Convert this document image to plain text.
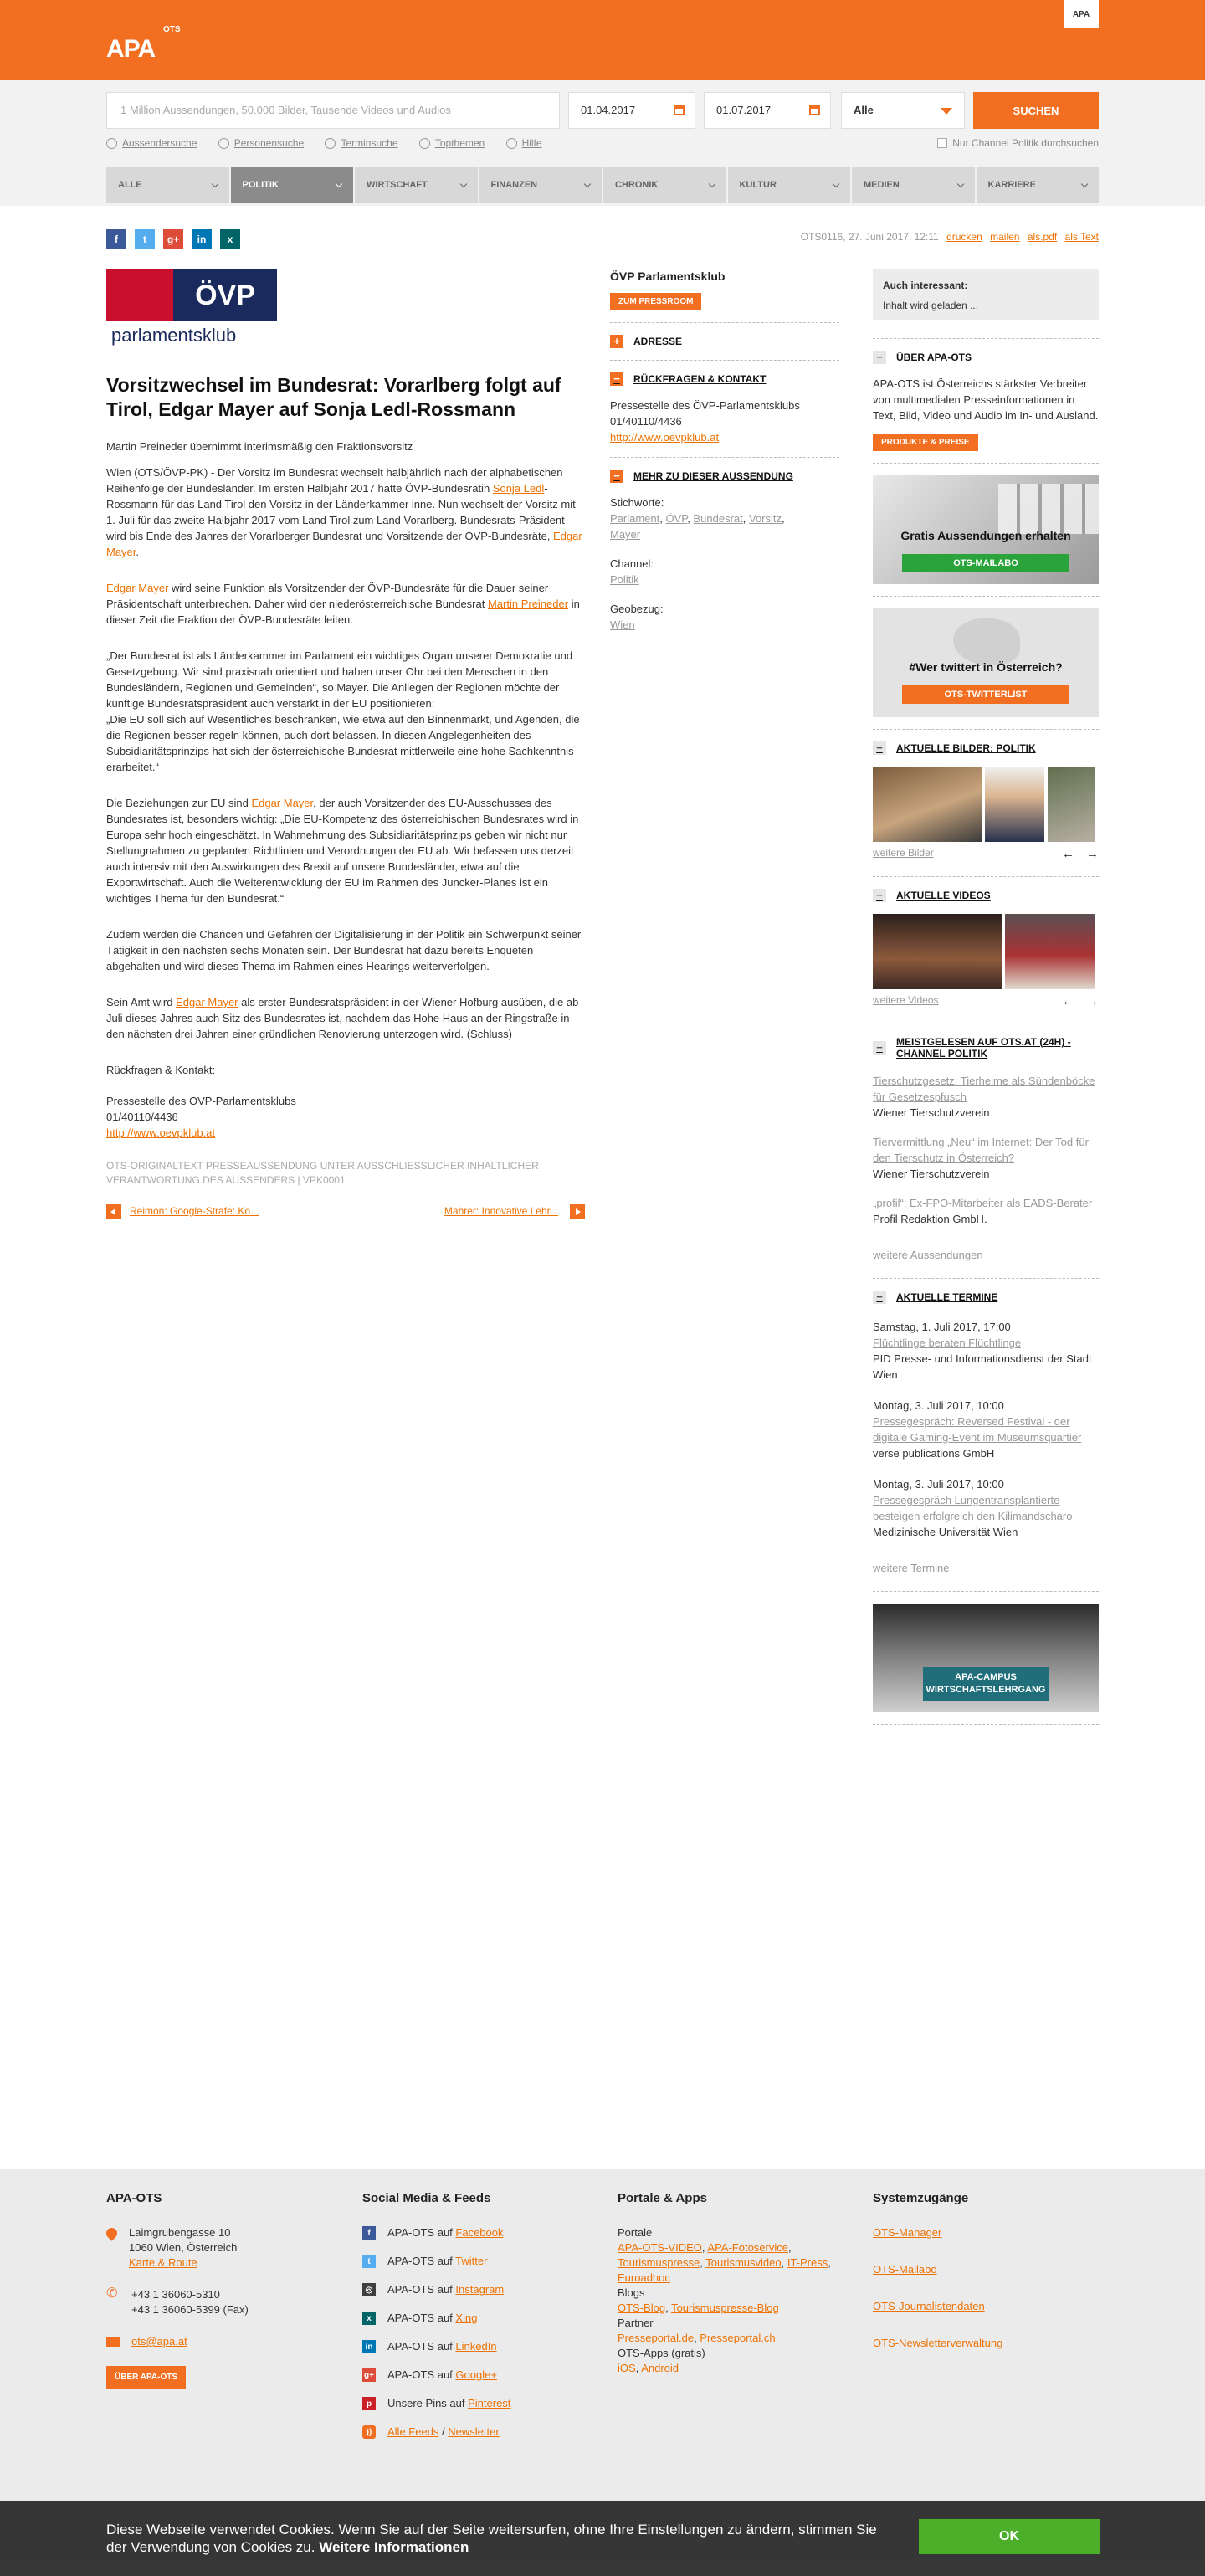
APA
OTS
APA
1 Million Aussendungen, 50.000 Bilder, Tausende Videos und Audios	01.04.2017	01.07.2017	Alle	SUCHEN
Aussendersuche
	Personensuche
	Terminsuche
	Topthemen
	Hilfe	Nur Channel Politik durchsuchen
ALLE	POLITIK	WIRTSCHAFT	FINANZEN	CHRONIK	KULTUR	MEDIEN	KARRIERE
f	t	g+	in	x	OTS0116, 27. Juni 2017, 12:11 drucken mailen als.pdf als Text
ÖVP
parlamentsklub
Vorsitzwechsel im Bundesrat: Vorarlberg folgt auf Tirol, Edgar Mayer auf Sonja Ledl-Rossmann
Martin Preineder übernimmt interimsmäßig den Fraktionsvorsitz

Wien (OTS/ÖVP-PK) - Der Vorsitz im Bundesrat wechselt halbjährlich nach der alphabetischen Reihenfolge der Bundesländer. Im ersten Halbjahr 2017 hatte ÖVP-Bundesrätin Sonja Ledl-Rossmann für das Land Tirol den Vorsitz in der Länderkammer inne. Nun wechselt der Vorsitz mit 1. Juli für das zweite Halbjahr 2017 vom Land Tirol zum Land Vorarlberg. Bundesrats-Präsident wird bis Ende des Jahres der Vorarlberger Bundesrat und Vorsitzende der ÖVP-Bundesräte, Edgar Mayer.

Edgar Mayer wird seine Funktion als Vorsitzender der ÖVP-Bundesräte für die Dauer seiner Präsidentschaft unterbrechen. Daher wird der niederösterreichische Bundesrat Martin Preineder in dieser Zeit die Fraktion der ÖVP-Bundesräte leiten.

„Der Bundesrat ist als Länderkammer im Parlament ein wichtiges Organ unserer Demokratie und Gesetzgebung. Wir sind praxisnah orientiert und haben unser Ohr bei den Menschen in den Bundesländern, Regionen und Gemeinden“, so Mayer. Die Anliegen der Regionen möchte der künftige Bundesratspräsident auch verstärkt in der EU positionieren:

„Die EU soll sich auf Wesentliches beschränken, wie etwa auf den Binnenmarkt, und Agenden, die die Regionen besser regeln können, auch dort belassen. In diesen Angelegenheiten des Subsidiaritätsprinzips hat sich der österreichische Bundesrat mittlerweile eine hohe Sachkenntnis erarbeitet.“

Die Beziehungen zur EU sind Edgar Mayer, der auch Vorsitzender des EU-Ausschusses des Bundesrates ist, besonders wichtig: „Die EU-Kompetenz des österreichischen Bundesrates wird in Europa sehr hoch eingeschätzt. In Wahrnehmung des Subsidiaritätsprinzips geben wir nicht nur Stellungnahmen zu geplanten Richtlinien und Verordnungen der EU ab. Wir befassen uns derzeit auch intensiv mit den Auswirkungen des Brexit auf unsere Bundesländer, etwa auf die Exportwirtschaft. Auch die Weiterentwicklung der EU im Rahmen des Juncker-Planes ist ein wichtiges Thema für den Bundesrat.“

Zudem werden die Chancen und Gefahren der Digitalisierung in der Politik ein Schwerpunkt seiner Tätigkeit in den nächsten sechs Monaten sein. Der Bundesrat hat dazu bereits Enqueten abgehalten und wird dieses Thema im Rahmen eines Hearings weiterverfolgen.

Sein Amt wird Edgar Mayer als erster Bundesratspräsident in der Wiener Hofburg ausüben, die ab Juli dieses Jahres auch Sitz des Bundesrates ist, nachdem das Hohe Haus an der Ringstraße in den nächsten drei Jahren einer gründlichen Renovierung unterzogen wird. (Schluss)

Rückfragen & Kontakt:

Pressestelle des ÖVP-Parlamentsklubs
01/40110/4436
http://www.oevpklub.at

OTS-ORIGINALTEXT PRESSEAUSSENDUNG UNTER AUSSCHLIESSLICHER INHALTLICHER VERANTWORTUNG DES AUSSENDERS | VPK0001
Reimon: Google-Strafe: Ko...	Mahrer: Innovative Lehr...
ÖVP Parlamentsklub
ZUM PRESSROOM
+	ADRESSE
−	RÜCKFRAGEN & KONTAKT
Pressestelle des ÖVP-Parlamentsklubs
01/40110/4436
http://www.oevpklub.at
−	MEHR ZU DIESER AUSSENDUNG
Stichworte:
Parlament, ÖVP, Bundesrat, Vorsitz,
Mayer
Channel:
Politik
Geobezug:
Wien
Auch interessant:
Inhalt wird geladen ...
−	ÜBER APA-OTS
APA-OTS ist Österreichs stärkster Verbreiter von multimedialen Presseinformationen in Text, Bild, Video und Audio im In- und Ausland.
PRODUKTE & PREISE
Gratis Aussendungen erhalten
OTS-MAILABO
#Wer twittert in Österreich?
OTS-TWITTERLIST
−	AKTUELLE BILDER: POLITIK
weitere Bilder	← →
−	AKTUELLE VIDEOS
weitere Videos	← →
−	MEISTGELESEN AUF OTS.AT (24H) - CHANNEL POLITIK
Tierschutzgesetz: Tierheime als Sündenböcke für Gesetzespfusch
Wiener Tierschutzverein
Tiervermittlung „Neu“ im Internet: Der Tod für den Tierschutz in Österreich?
Wiener Tierschutzverein
„profil“: Ex-FPÖ-Mitarbeiter als EADS-Berater
Profil Redaktion GmbH.
weitere Aussendungen
−	AKTUELLE TERMINE
Samstag, 1. Juli 2017, 17:00
Flüchtlinge beraten Flüchtlinge
PID Presse- und Informationsdienst der Stadt Wien
Montag, 3. Juli 2017, 10:00
Pressegespräch: Reversed Festival - der digitale Gaming-Event im Museumsquartier
verse publications GmbH
Montag, 3. Juli 2017, 10:00
Pressegespräch Lungentransplantierte besteigen erfolgreich den Kilimandscharo
Medizinische Universität Wien
weitere Termine
APA-CAMPUS WIRTSCHAFTSLEHRGANG
APA-OTS
Laimgrubengasse 10
1060 Wien, Österreich
Karte & Route
✆ +43 1 36060-5310
+43 1 36060-5399 (Fax)
ots@apa.at
ÜBER APA-OTS
Social Media & Feeds
f	APA-OTS auf Facebook
t	APA-OTS auf Twitter
◎ APA-OTS auf Instagram
x	APA-OTS auf Xing
in APA-OTS auf LinkedIn
g+ APA-OTS auf Google+
p	Unsere Pins auf Pinterest
))	Alle Feeds / Newsletter
Portale & Apps
Portale
APA-OTS-VIDEO, APA-Fotoservice, Tourismuspresse, Tourismusvideo, IT-Press, Euroadhoc
Blogs
OTS-Blog, Tourismuspresse-Blog
Partner
Presseportal.de, Presseportal.ch
OTS-Apps (gratis)
iOS, Android
Systemzugänge
OTS-Manager
OTS-Mailabo
OTS-Journalistendaten
OTS-Newsletterverwaltung
Diese Webseite verwendet Cookies. Wenn Sie auf der Seite weitersurfen, ohne Ihre Einstellungen zu ändern, stimmen Sie der Verwendung von Cookies zu. Weitere Informationen
OK
